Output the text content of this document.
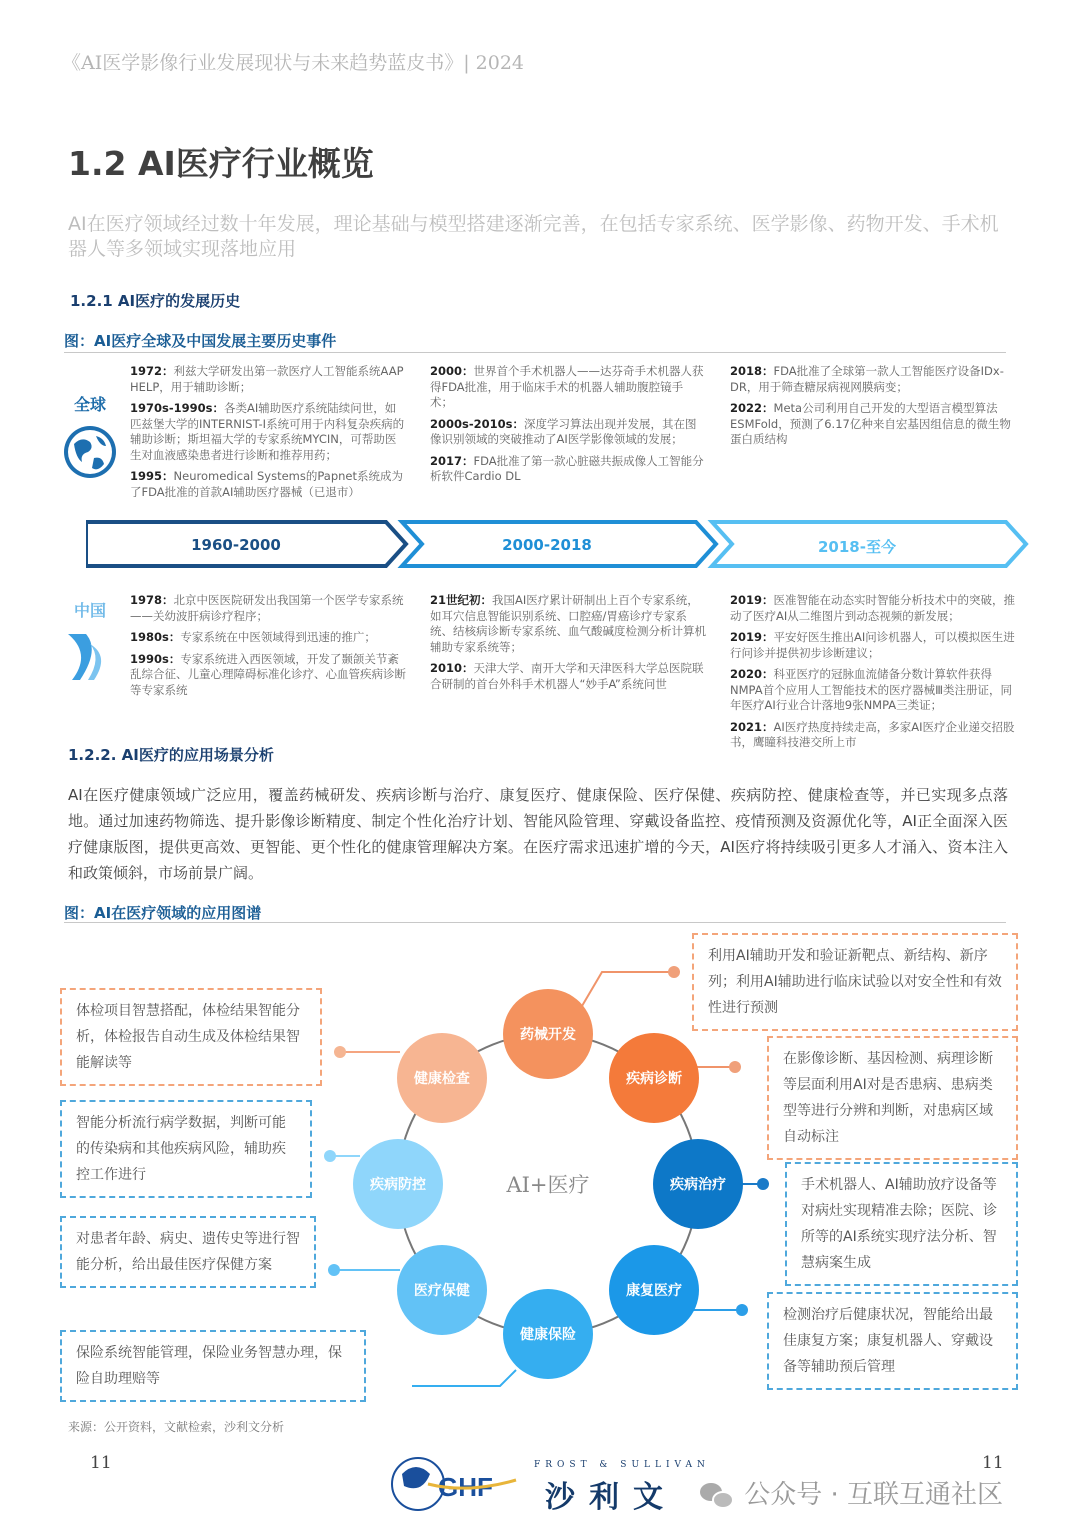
《AI医学影像行业发展现状与未来趋势蓝皮书》| 2024
1.2 AI医疗行业概览
AI在医疗领域经过数十年发展，理论基础与模型搭建逐渐完善，在包括专家系统、医学影像、药物开发、手术机器人等多领域实现落地应用
1.2.1 AI医疗的发展历史
图：AI医疗全球及中国发展主要历史事件
全球
中国
1960-2000	2000-2018	2018-至今
1.2.2. AI医疗的应用场景分析
AI在医疗健康领域广泛应用，覆盖药械研发、疾病诊断与治疗、康复医疗、健康保险、医疗保健、疾病防控、健康检查等，并已实现多点落地。通过加速药物筛选、提升影像诊断精度、制定个性化治疗计划、智能风险管理、穿戴设备监控、疫情预测及资源优化等，AI正全面深入医疗健康版图，提供更高效、更智能、更个性化的健康管理解决方案。在医疗需求迅速扩增的今天，AI医疗将持续吸引更多人才涌入、资本注入和政策倾斜，市场前景广阔。
图：AI在医疗领域的应用图谱
AI+医疗
利用AI辅助开发和验证新靶点、新结构、新序列；利用AI辅助进行临床试验以对安全性和有效性进行预测
在影像诊断、基因检测、病理诊断等层面利用AI对是否患病、患病类型等进行分辨和判断，对患病区域自动标注
手术机器人、AI辅助放疗设备等对病灶实现精准去除；医院、诊所等的AI系统实现疗法分析、智慧病案生成
检测治疗后健康状况，智能给出最佳康复方案；康复机器人、穿戴设备等辅助预后管理
体检项目智慧搭配，体检结果智能分析，体检报告自动生成及体检结果智能解读等
智能分析流行病学数据，判断可能的传染病和其他疾病风险，辅助疾控工作进行
对患者年龄、病史、遗传史等进行智能分析，给出最佳医疗保健方案
保险系统智能管理，保险业务智慧办理，保险自助理赔等
来源：公开资料，文献检索，沙利文分析
11	11
GHF
FROST & SULLIVAN
沙利文	公众号 · 互联互通社区

1972：利兹大学研发出第一款医疗人工智能系统AAP HELP，用于辅助诊断；

1970s-1990s：各类AI辅助医疗系统陆续问世，如匹兹堡大学的INTERNIST-I系统可用于内科复杂疾病的辅助诊断；斯坦福大学的专家系统MYCIN，可帮助医生对血液感染患者进行诊断和推荐用药；

1995：Neuromedical Systems的Papnet系统成为了FDA批准的首款AI辅助医疗器械（已退市）

2000：世界首个手术机器人——达芬奇手术机器人获得FDA批准，用于临床手术的机器人辅助腹腔镜手术；

2000s-2010s：深度学习算法出现并发展，其在图像识别领域的突破推动了AI医学影像领域的发展；

2017：FDA批准了第一款心脏磁共振成像人工智能分析软件Cardio DL

2018：FDA批准了全球第一款人工智能医疗设备IDx-DR，用于筛查糖尿病视网膜病变；

2022：Meta公司利用自己开发的大型语言模型算法ESMFold，预测了6.17亿种来自宏基因组信息的微生物蛋白质结构

1978：北京中医医院研发出我国第一个医学专家系统——关幼波肝病诊疗程序；

1980s：专家系统在中医领域得到迅速的推广；

1990s：专家系统进入西医领域，开发了颞颌关节紊乱综合征、儿童心理障碍标准化诊疗、心血管疾病诊断等专家系统

21世纪初：我国AI医疗累计研制出上百个专家系统，如耳穴信息智能识别系统、口腔癌/胃癌诊疗专家系统、结核病诊断专家系统、血气酸碱度检测分析计算机辅助专家系统等；

2010：天津大学、南开大学和天津医科大学总医院联合研制的首台外科手术机器人“妙手A”系统问世

2019：医准智能在动态实时智能分析技术中的突破，推动了医疗AI从二维图片到动态视频的新发展；

2019：平安好医生推出AI问诊机器人，可以模拟医生进行问诊并提供初步诊断建议；

2020：科亚医疗的冠脉血流储备分数计算软件获得NMPA首个应用人工智能技术的医疗器械Ⅲ类注册证，同年医疗AI行业合计落地9张NMPA三类证；

2021：AI医疗热度持续走高，多家AI医疗企业递交招股书，鹰瞳科技港交所上市

药械开发
疾病诊断
疾病治疗
康复医疗
健康保险
医疗保健
疾病防控
健康检查
